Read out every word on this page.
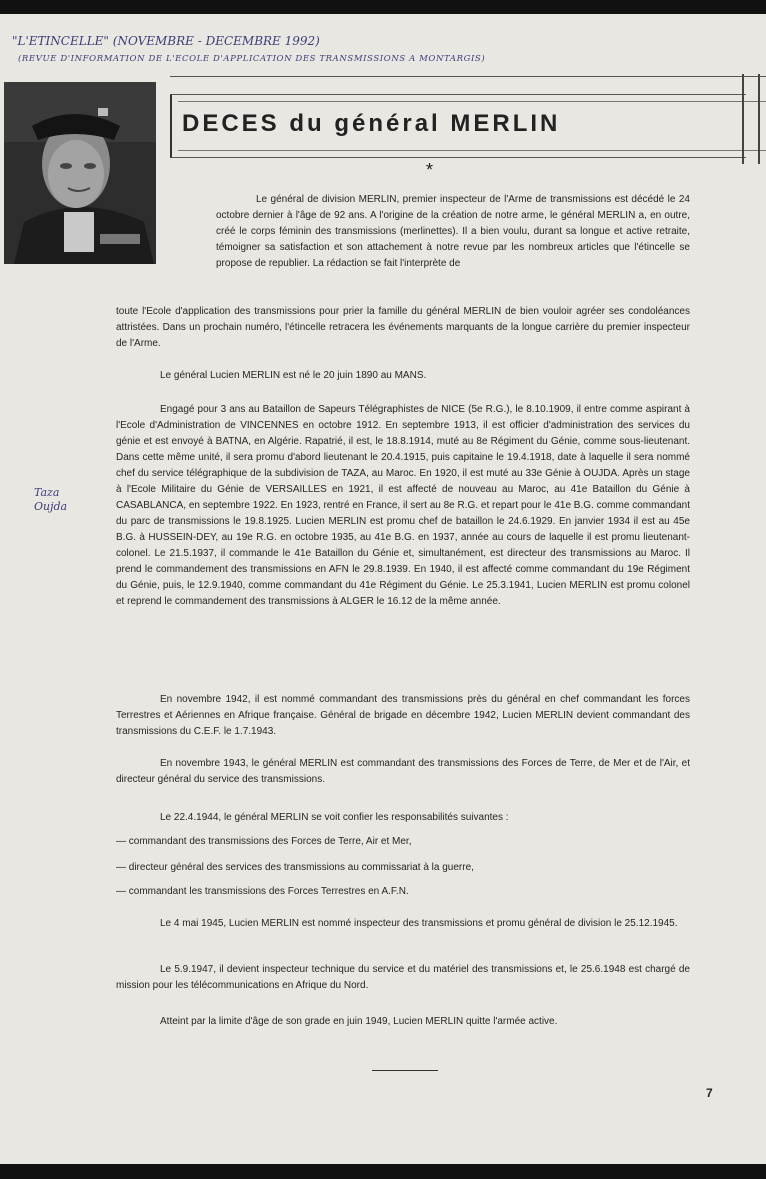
"L'ETINCELLE" (NOVEMBRE - DECEMBRE 1992)
(REVUE D'INFORMATION DE L'ECOLE D'APPLICATION DES TRANSMISSIONS A MONTARGIS)
Taza Oujda
DECES du général MERLIN
*

Le général de division MERLIN, premier inspecteur de l'Arme de transmissions est décédé le 24 octobre dernier à l'âge de 92 ans. A l'origine de la création de notre arme, le général MERLIN a, en outre, créé le corps féminin des transmissions (merlinettes). Il a bien voulu, durant sa longue et active retraite, témoigner sa satisfaction et son attachement à notre revue par les nombreux articles que l'étincelle se propose de republier. La rédaction se fait l'interprète de

toute l'Ecole d'application des transmissions pour prier la famille du général MERLIN de bien vouloir agréer ses condoléances attristées. Dans un prochain numéro, l'étincelle retracera les événements marquants de la longue carrière du premier inspecteur de l'Arme.

Le général Lucien MERLIN est né le 20 juin 1890 au MANS.

Engagé pour 3 ans au Bataillon de Sapeurs Télégraphistes de NICE (5e R.G.), le 8.10.1909, il entre comme aspirant à l'Ecole d'Administration de VINCENNES en octobre 1912. En septembre 1913, il est officier d'administration des services du génie et est envoyé à BATNA, en Algérie. Rapatrié, il est, le 18.8.1914, muté au 8e Régiment du Génie, comme sous-lieutenant. Dans cette même unité, il sera promu d'abord lieutenant le 20.4.1915, puis capitaine le 19.4.1918, date à laquelle il sera nommé chef du service télégraphique de la subdivision de TAZA, au Maroc. En 1920, il est muté au 33e Génie à OUJDA. Après un stage à l'Ecole Militaire du Génie de VERSAILLES en 1921, il est affecté de nouveau au Maroc, au 41e Bataillon du Génie à CASABLANCA, en septembre 1922. En 1923, rentré en France, il sert au 8e R.G. et repart pour le 41e B.G. comme commandant du parc de transmissions le 19.8.1925. Lucien MERLIN est promu chef de bataillon le 24.6.1929. En janvier 1934 il est au 45e B.G. à HUSSEIN-DEY, au 19e R.G. en octobre 1935, au 41e B.G. en 1937, année au cours de laquelle il est promu lieutenant-colonel. Le 21.5.1937, il commande le 41e Bataillon du Génie et, simultanément, est directeur des transmissions au Maroc. Il prend le commandement des transmissions en AFN le 29.8.1939. En 1940, il est affecté comme commandant du 19e Régiment du Génie, puis, le 12.9.1940, comme commandant du 41e Régiment du Génie. Le 25.3.1941, Lucien MERLIN est promu colonel et reprend le commandement des transmissions à ALGER le 16.12 de la même année.

En novembre 1942, il est nommé commandant des transmissions près du général en chef commandant les forces Terrestres et Aériennes en Afrique française. Général de brigade en décembre 1942, Lucien MERLIN devient commandant des transmissions du C.E.F. le 1.7.1943.

En novembre 1943, le général MERLIN est commandant des transmissions des Forces de Terre, de Mer et de l'Air, et directeur général du service des transmissions.

Le 22.4.1944, le général MERLIN se voit confier les responsabilités suivantes :

— commandant des transmissions des Forces de Terre, Air et Mer,

— directeur général des services des transmissions au commissariat à la guerre,

— commandant les transmissions des Forces Terrestres en A.F.N.

Le 4 mai 1945, Lucien MERLIN est nommé inspecteur des transmissions et promu général de division le 25.12.1945.

Le 5.9.1947, il devient inspecteur technique du service et du matériel des transmissions et, le 25.6.1948 est chargé de mission pour les télécommunications en Afrique du Nord.

Atteint par la limite d'âge de son grade en juin 1949, Lucien MERLIN quitte l'armée active.

7
